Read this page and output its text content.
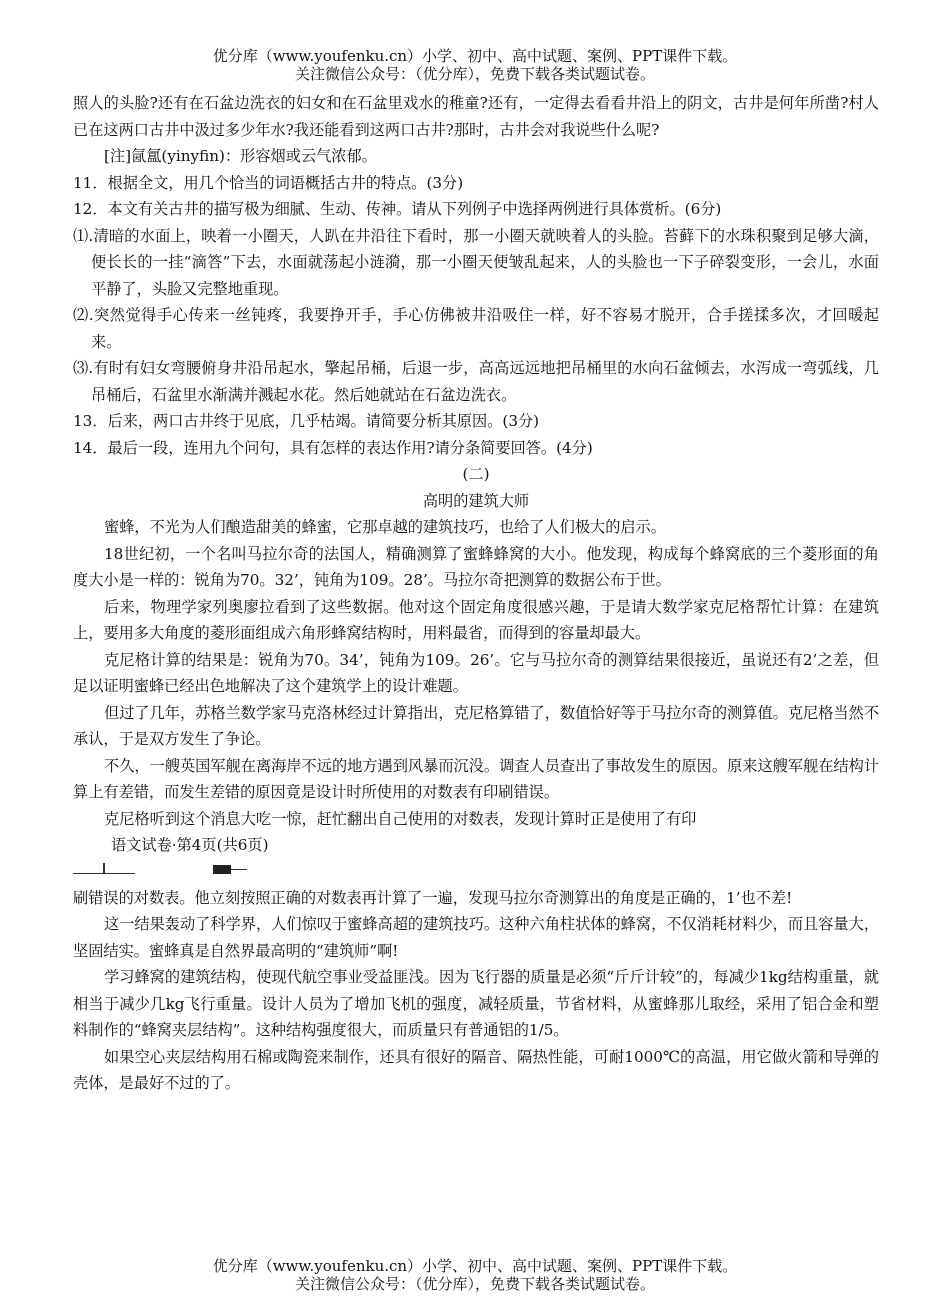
优分库（www.youfenku.cn）小学、初中、高中试题、案例、PPT课件下载。
关注微信公众号：（优分库），免费下载各类试题试卷。

照人的头脸?还有在石盆边洗衣的妇女和在石盆里戏水的稚童?还有，一定得去看看井沿上的阴文，古井是何年所凿?村人已在这两口古井中汲过多少年水?我还能看到这两口古井?那时，古井会对我说些什么呢?

[注]氤氲(yinyfin)：形容烟或云气浓郁。

11．根据全文，用几个恰当的词语概括古井的特点。(3分)

12．本文有关古井的描写极为细腻、生动、传神。请从下列例子中选择两例进行具体赏析。(6分)

⑴.清暗的水面上，映着一小圈天，人趴在井沿往下看时，那一小圈天就映着人的头脸。苔藓下的水珠积聚到足够大滴，便长长的一挂“滴答”下去，水面就荡起小涟漪，那一小圈天便皱乱起来，人的头脸也一下子碎裂变形，一会儿，水面平静了，头脸又完整地重现。

⑵.突然觉得手心传来一丝钝疼，我要挣开手，手心仿佛被井沿吸住一样，好不容易才脱开，合手搓揉多次，才回暖起来。

⑶.有时有妇女弯腰俯身井沿吊起水，擎起吊桶，后退一步，高高远远地把吊桶里的水向石盆倾去，水泻成一弯弧线，几吊桶后，石盆里水渐满并溅起水花。然后她就站在石盆边洗衣。

13．后来，两口古井终于见底，几乎枯竭。请简要分析其原因。(3分)

14．最后一段，连用九个问句，具有怎样的表达作用?请分条简要回答。(4分)

(二)

高明的建筑大师

蜜蜂，不光为人们酿造甜美的蜂蜜，它那卓越的建筑技巧，也给了人们极大的启示。

18世纪初，一个名叫马拉尔奇的法国人，精确测算了蜜蜂蜂窝的大小。他发现，构成每个蜂窝底的三个菱形面的角度大小是一样的：锐角为70。32’，钝角为109。28’。马拉尔奇把测算的数据公布于世。

后来，物理学家列奥廖拉看到了这些数据。他对这个固定角度很感兴趣，于是请大数学家克尼格帮忙计算：在建筑上，要用多大角度的菱形面组成六角形蜂窝结构时，用料最省，而得到的容量却最大。

克尼格计算的结果是：锐角为70。34’，钝角为109。26’。它与马拉尔奇的测算结果很接近，虽说还有2’之差，但足以证明蜜蜂已经出色地解决了这个建筑学上的设计难题。

但过了几年，苏格兰数学家马克洛林经过计算指出，克尼格算错了，数值恰好等于马拉尔奇的测算值。克尼格当然不承认，于是双方发生了争论。

不久，一艘英国军舰在离海岸不远的地方遇到风暴而沉没。调查人员查出了事故发生的原因。原来这艘军舰在结构计算上有差错，而发生差错的原因竟是设计时所使用的对数表有印刷错误。

克尼格听到这个消息大吃一惊，赶忙翻出自己使用的对数表，发现计算时正是使用了有印

语文试卷·第4页(共6页)

刷错误的对数表。他立刻按照正确的对数表再计算了一遍，发现马拉尔奇测算出的角度是正确的，1’也不差!

这一结果轰动了科学界，人们惊叹于蜜蜂高超的建筑技巧。这种六角柱状体的蜂窝，不仅消耗材料少，而且容量大，坚固结实。蜜蜂真是自然界最高明的“建筑师”啊!

学习蜂窝的建筑结构，使现代航空事业受益匪浅。因为飞行器的质量是必须“斤斤计较”的，每减少1kg结构重量，就相当于减少几kg飞行重量。设计人员为了增加飞机的强度，减轻质量，节省材料，从蜜蜂那儿取经，采用了铝合金和塑料制作的“蜂窝夹层结构”。这种结构强度很大，而质量只有普通铝的1/5。

如果空心夹层结构用石棉或陶瓷来制作，还具有很好的隔音、隔热性能，可耐1000℃的高温，用它做火箭和导弹的壳体，是最好不过的了。

优分库（www.youfenku.cn）小学、初中、高中试题、案例、PPT课件下载。
关注微信公众号：（优分库），免费下载各类试题试卷。
